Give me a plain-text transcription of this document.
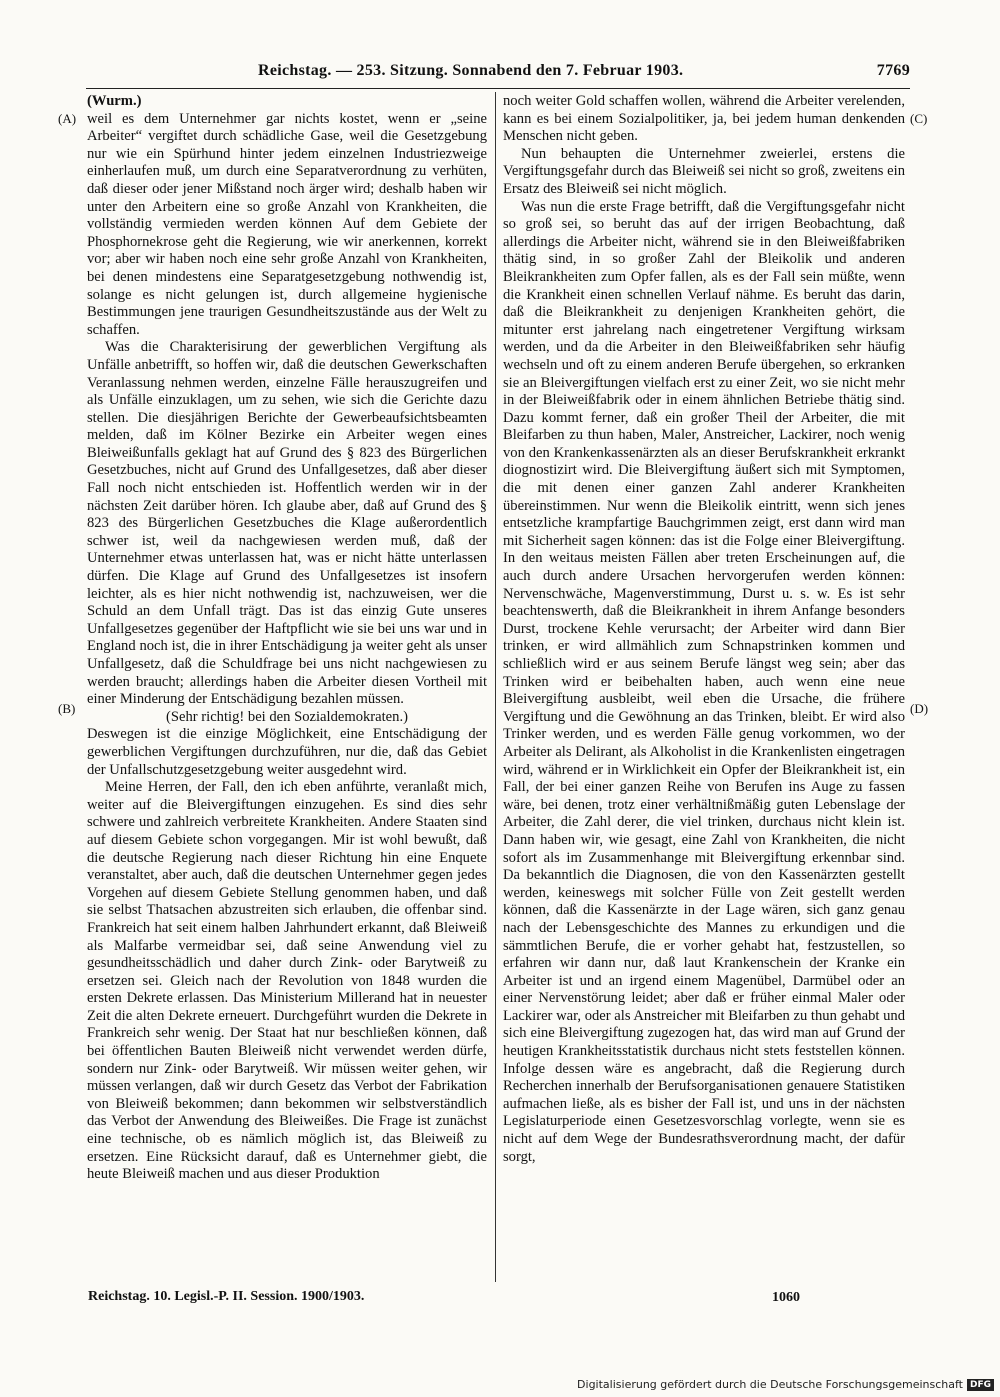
Reichstag. — 253. Sitzung. Sonnabend den 7. Februar 1903.	7769
(A)
(B)
(C)
(D)

(Wurm.)

weil es dem Unternehmer gar nichts kostet, wenn er „seine Arbeiter“ vergiftet durch schädliche Gase, weil die Gesetzgebung nur wie ein Spürhund hinter jedem einzelnen Industriezweige einherlaufen muß, um durch eine Separatverordnung zu verhüten, daß dieser oder jener Mißstand noch ärger wird; deshalb haben wir unter den Arbeitern eine so große Anzahl von Krankheiten, die vollständig vermieden werden können Auf dem Gebiete der Phosphornekrose geht die Regierung, wie wir anerkennen, korrekt vor; aber wir haben noch eine sehr große Anzahl von Krankheiten, bei denen mindestens eine Separatgesetzgebung nothwendig ist, solange es nicht gelungen ist, durch allgemeine hygienische Bestimmungen jene traurigen Gesundheitszustände aus der Welt zu schaffen.

Was die Charakterisirung der gewerblichen Vergiftung als Unfälle anbetrifft, so hoffen wir, daß die deutschen Gewerkschaften Veranlassung nehmen werden, einzelne Fälle herauszugreifen und als Unfälle einzuklagen, um zu sehen, wie sich die Gerichte dazu stellen. Die diesjährigen Berichte der Gewerbeaufsichtsbeamten melden, daß im Kölner Bezirke ein Arbeiter wegen eines Bleiweißunfalls geklagt hat auf Grund des § 823 des Bürgerlichen Gesetzbuches, nicht auf Grund des Unfallgesetzes, daß aber dieser Fall noch nicht entschieden ist. Hoffentlich werden wir in der nächsten Zeit darüber hören. Ich glaube aber, daß auf Grund des § 823 des Bürgerlichen Gesetzbuches die Klage außerordentlich schwer ist, weil da nachgewiesen werden muß, daß der Unternehmer etwas unterlassen hat, was er nicht hätte unterlassen dürfen. Die Klage auf Grund des Unfallgesetzes ist insofern leichter, als es hier nicht nothwendig ist, nachzuweisen, wer die Schuld an dem Unfall trägt. Das ist das einzig Gute unseres Unfallgesetzes gegenüber der Haftpflicht wie sie bei uns war und in England noch ist, die in ihrer Entschädigung ja weiter geht als unser Unfallgesetz, daß die Schuldfrage bei uns nicht nachgewiesen zu werden braucht; allerdings haben die Arbeiter diesen Vortheil mit einer Minderung der Entschädigung bezahlen müssen.

(Sehr richtig! bei den Sozialdemokraten.)

Deswegen ist die einzige Möglichkeit, eine Entschädigung der gewerblichen Vergiftungen durchzuführen, nur die, daß das Gebiet der Unfallschutzgesetzgebung weiter ausgedehnt wird.

Meine Herren, der Fall, den ich eben anführte, veranlaßt mich, weiter auf die Bleivergiftungen einzugehen. Es sind dies sehr schwere und zahlreich verbreitete Krankheiten. Andere Staaten sind auf diesem Gebiete schon vorgegangen. Mir ist wohl bewußt, daß die deutsche Regierung nach dieser Richtung hin eine Enquete veranstaltet, aber auch, daß die deutschen Unternehmer gegen jedes Vorgehen auf diesem Gebiete Stellung genommen haben, und daß sie selbst Thatsachen abzustreiten sich erlauben, die offenbar sind. Frankreich hat seit einem halben Jahrhundert erkannt, daß Bleiweiß als Malfarbe vermeidbar sei, daß seine Anwendung viel zu gesundheitsschädlich und daher durch Zink- oder Barytweiß zu ersetzen sei. Gleich nach der Revolution von 1848 wurden die ersten Dekrete erlassen. Das Ministerium Millerand hat in neuester Zeit die alten Dekrete erneuert. Durchgeführt wurden die Dekrete in Frankreich sehr wenig. Der Staat hat nur beschließen können, daß bei öffentlichen Bauten Bleiweiß nicht verwendet werden dürfe, sondern nur Zink- oder Barytweiß. Wir müssen weiter gehen, wir müssen verlangen, daß wir durch Gesetz das Verbot der Fabrikation von Bleiweiß bekommen; dann bekommen wir selbstverständlich das Verbot der Anwendung des Bleiweißes. Die Frage ist zunächst eine technische, ob es nämlich möglich ist, das Bleiweiß zu ersetzen. Eine Rücksicht darauf, daß es Unternehmer giebt, die heute Bleiweiß machen und aus dieser Produktion

noch weiter Gold schaffen wollen, während die Arbeiter verelenden, kann es bei einem Sozialpolitiker, ja, bei jedem human denkenden Menschen nicht geben.

Nun behaupten die Unternehmer zweierlei, erstens die Vergiftungsgefahr durch das Bleiweiß sei nicht so groß, zweitens ein Ersatz des Bleiweiß sei nicht möglich.

Was nun die erste Frage betrifft, daß die Vergiftungsgefahr nicht so groß sei, so beruht das auf der irrigen Beobachtung, daß allerdings die Arbeiter nicht, während sie in den Bleiweißfabriken thätig sind, in so großer Zahl der Bleikolik und anderen Bleikrankheiten zum Opfer fallen, als es der Fall sein müßte, wenn die Krankheit einen schnellen Verlauf nähme. Es beruht das darin, daß die Bleikrankheit zu denjenigen Krankheiten gehört, die mitunter erst jahrelang nach eingetretener Vergiftung wirksam werden, und da die Arbeiter in den Bleiweißfabriken sehr häufig wechseln und oft zu einem anderen Berufe übergehen, so erkranken sie an Bleivergiftungen vielfach erst zu einer Zeit, wo sie nicht mehr in der Bleiweißfabrik oder in einem ähnlichen Betriebe thätig sind. Dazu kommt ferner, daß ein großer Theil der Arbeiter, die mit Bleifarben zu thun haben, Maler, Anstreicher, Lackirer, noch wenig von den Krankenkassenärzten als an dieser Berufskrankheit erkrankt diognostizirt wird. Die Bleivergiftung äußert sich mit Symptomen, die mit denen einer ganzen Zahl anderer Krankheiten übereinstimmen. Nur wenn die Bleikolik eintritt, wenn sich jenes entsetzliche krampfartige Bauchgrimmen zeigt, erst dann wird man mit Sicherheit sagen können: das ist die Folge einer Bleivergiftung. In den weitaus meisten Fällen aber treten Erscheinungen auf, die auch durch andere Ursachen hervorgerufen werden können: Nervenschwäche, Magenverstimmung, Durst u. s. w. Es ist sehr beachtenswerth, daß die Bleikrankheit in ihrem Anfange besonders Durst, trockene Kehle verursacht; der Arbeiter wird dann Bier trinken, er wird allmählich zum Schnapstrinken kommen und schließlich wird er aus seinem Berufe längst weg sein; aber das Trinken wird er beibehalten haben, auch wenn eine neue Bleivergiftung ausbleibt, weil eben die Ursache, die frühere Vergiftung und die Gewöhnung an das Trinken, bleibt. Er wird also Trinker werden, und es werden Fälle genug vorkommen, wo der Arbeiter als Delirant, als Alkoholist in die Krankenlisten eingetragen wird, während er in Wirklichkeit ein Opfer der Bleikrankheit ist, ein Fall, der bei einer ganzen Reihe von Berufen ins Auge zu fassen wäre, bei denen, trotz einer verhältnißmäßig guten Lebenslage der Arbeiter, die Zahl derer, die viel trinken, durchaus nicht klein ist. Dann haben wir, wie gesagt, eine Zahl von Krankheiten, die nicht sofort als im Zusammenhange mit Bleivergiftung erkennbar sind. Da bekanntlich die Diagnosen, die von den Kassenärzten gestellt werden, keineswegs mit solcher Fülle von Zeit gestellt werden können, daß die Kassenärzte in der Lage wären, sich ganz genau nach der Lebensgeschichte des Mannes zu erkundigen und die sämmtlichen Berufe, die er vorher gehabt hat, festzustellen, so erfahren wir dann nur, daß laut Krankenschein der Kranke ein Arbeiter ist und an irgend einem Magenübel, Darmübel oder an einer Nervenstörung leidet; aber daß er früher einmal Maler oder Lackirer war, oder als Anstreicher mit Bleifarben zu thun gehabt und sich eine Bleivergiftung zugezogen hat, das wird man auf Grund der heutigen Krankheitsstatistik durchaus nicht stets feststellen können. Infolge dessen wäre es angebracht, daß die Regierung durch Recherchen innerhalb der Berufsorganisationen genauere Statistiken aufmachen ließe, als es bisher der Fall ist, und uns in der nächsten Legislaturperiode einen Gesetzesvorschlag vorlegte, wenn sie es nicht auf dem Wege der Bundesrathsverordnung macht, der dafür sorgt,

Reichstag. 10. Legisl.-P. II. Session. 1900/1903.	1060
Digitalisierung gefördert durch die Deutsche Forschungsgemeinschaft DFG
